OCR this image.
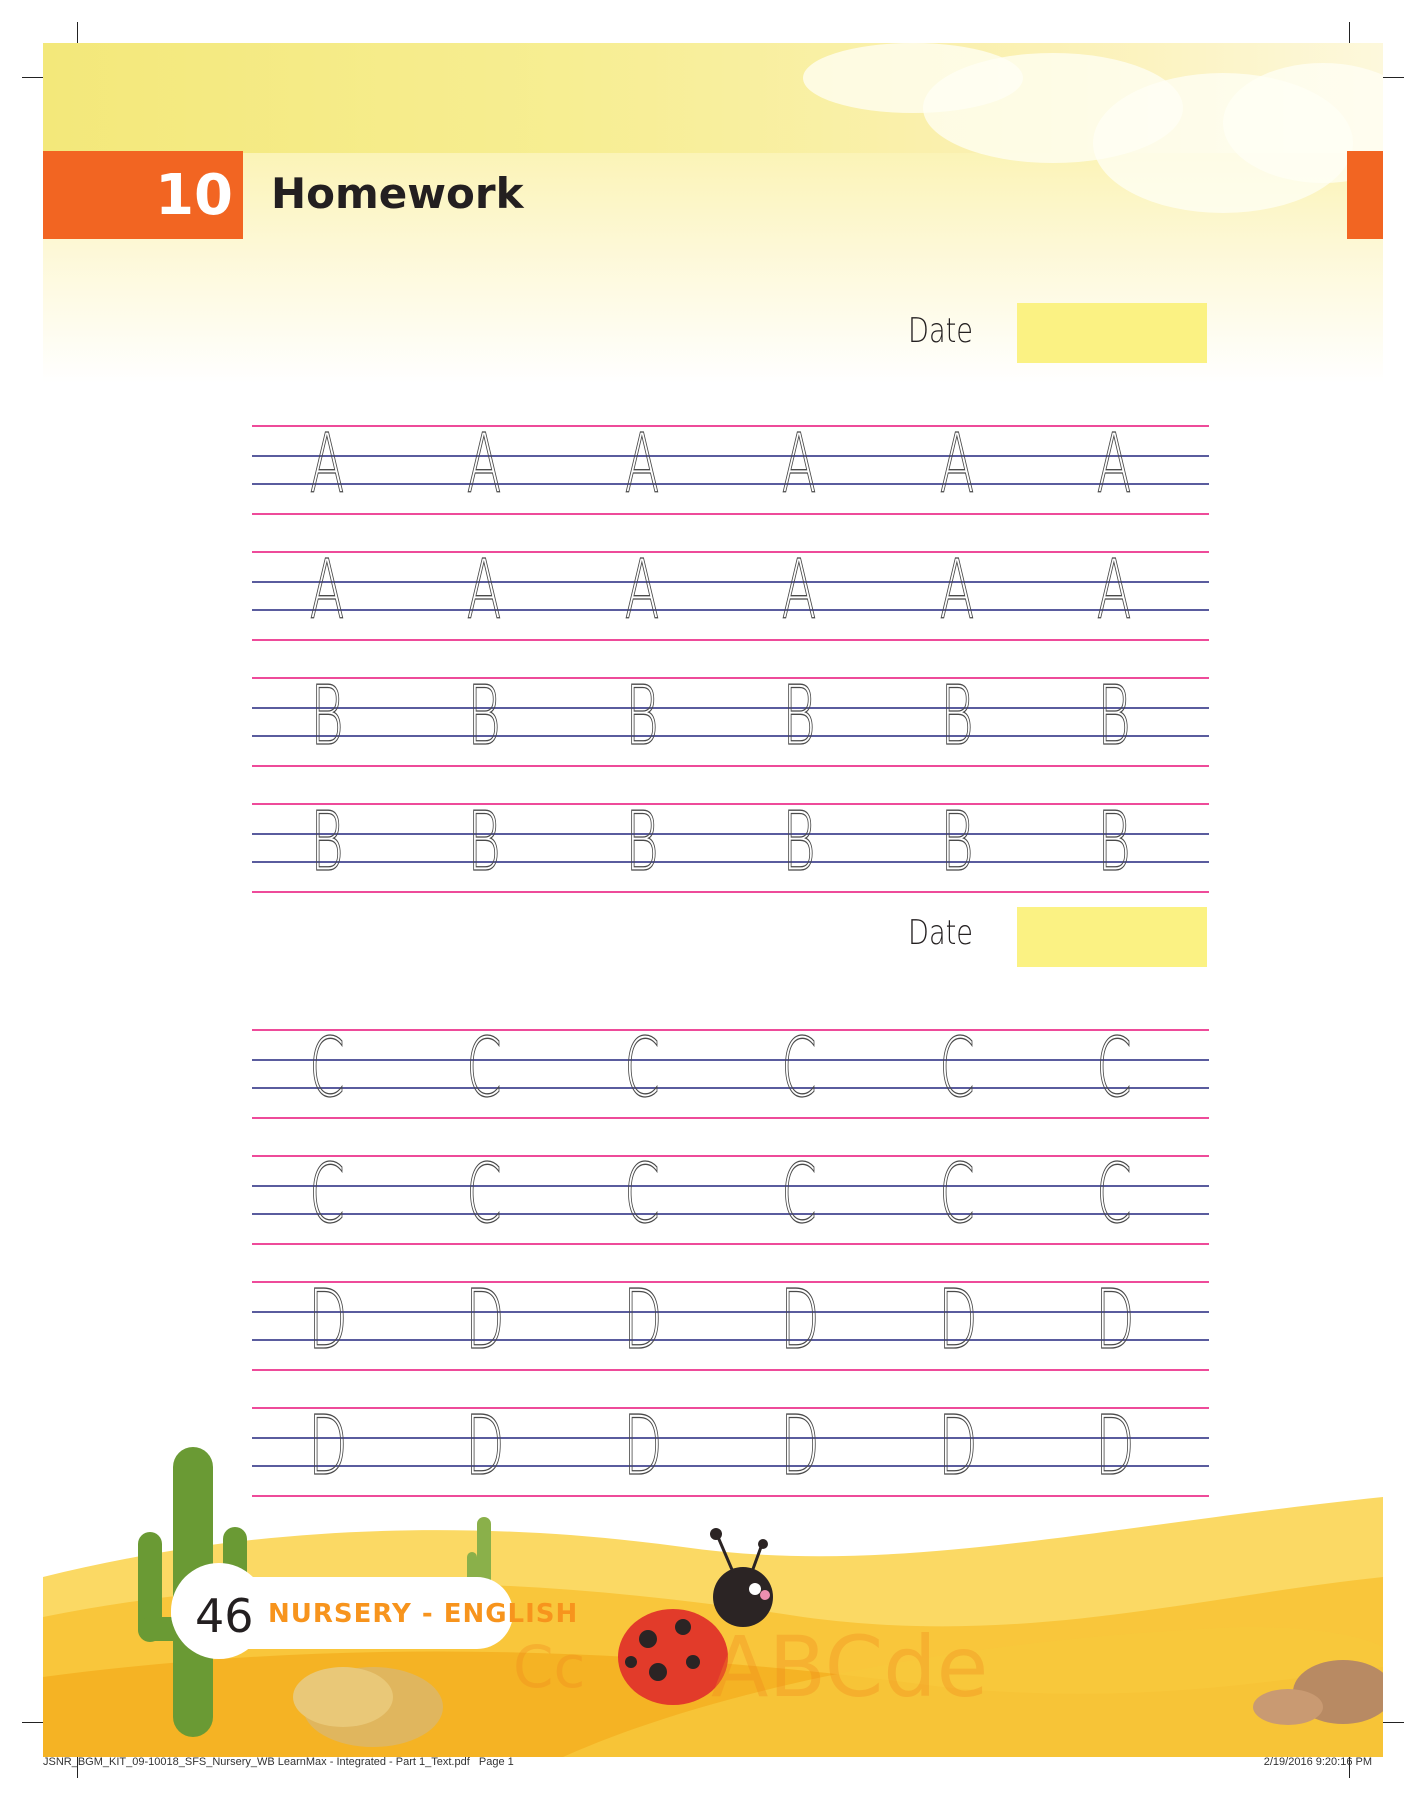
10 Homework
Date
Date
A A A A A A
A A A A A A
B B B B B B
B B B B B B
C C C C C C
C C C C C C
D D D D D D
D D D D D D
Cc ABCde
46 NURSERY - ENGLISH
JSNR_BGM_KIT_09-10018_SFS_Nursery_WB LearnMax - Integrated - Part 1_Text.pdf Page 1	2/19/2016 9:20:16 PM
